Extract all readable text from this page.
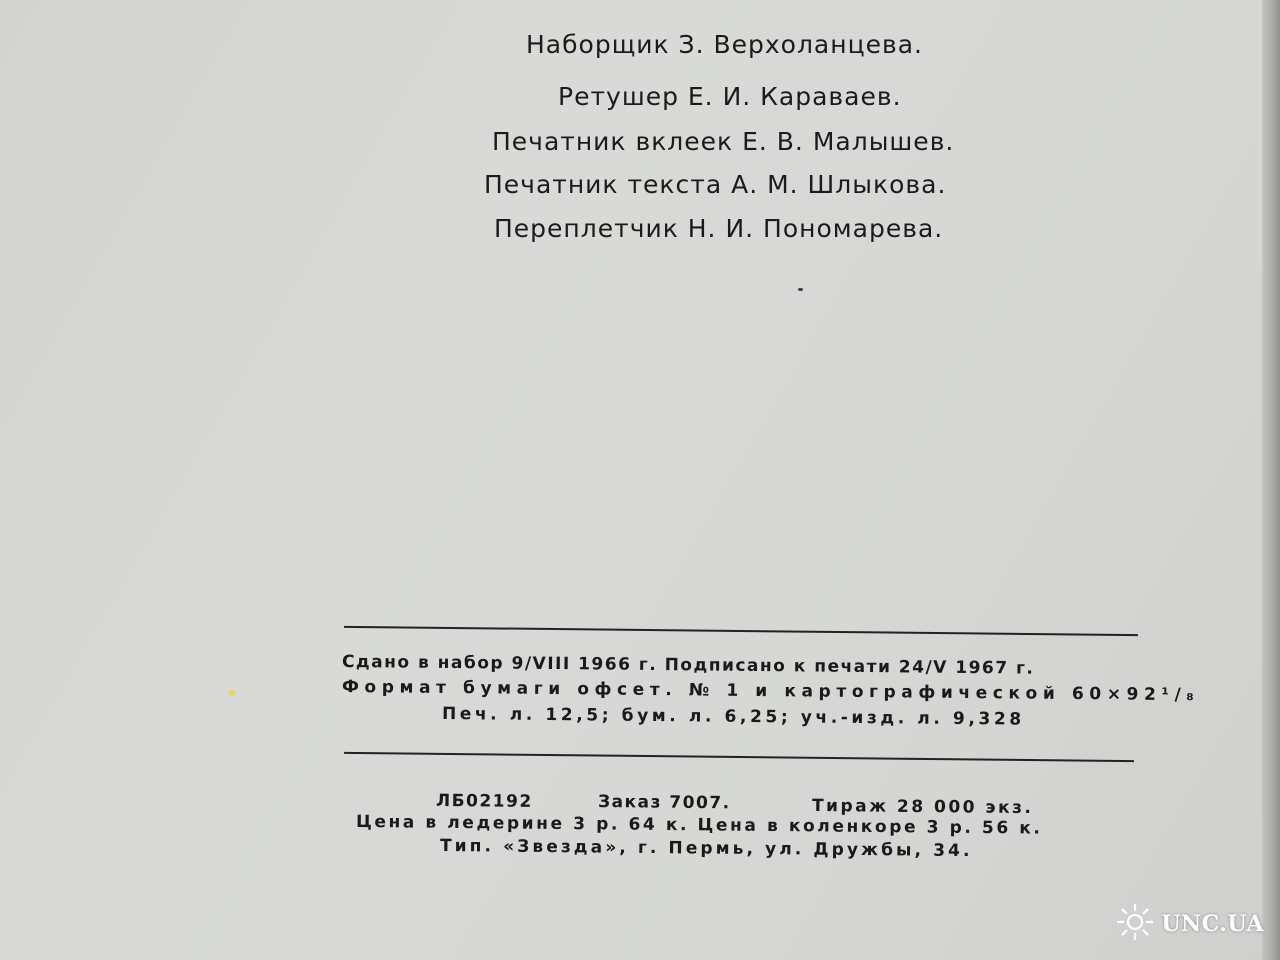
Наборщик З. Верхоланцева.
Ретушер Е. И. Караваев.
Печатник вклеек Е. В. Малышев.
Печатник текста А. М. Шлыкова.
Переплетчик Н. И. Пономарева.
Сдано в набор 9/VIII 1966 г. Подписано к печати 24/V 1967 г.
Формат бумаги офсет. № 1 и картографической 60×92¹/₈
Печ. л. 12,5; бум. л. 6,25; уч.-изд. л. 9,328
ЛБ02192	Заказ 7007.	Тираж 28 000 экз.
Цена в ледерине 3 р. 64 к. Цена в коленкоре 3 р. 56 к.
Тип. «Звезда», г. Пермь, ул. Дружбы, 34.
UNC.UA
